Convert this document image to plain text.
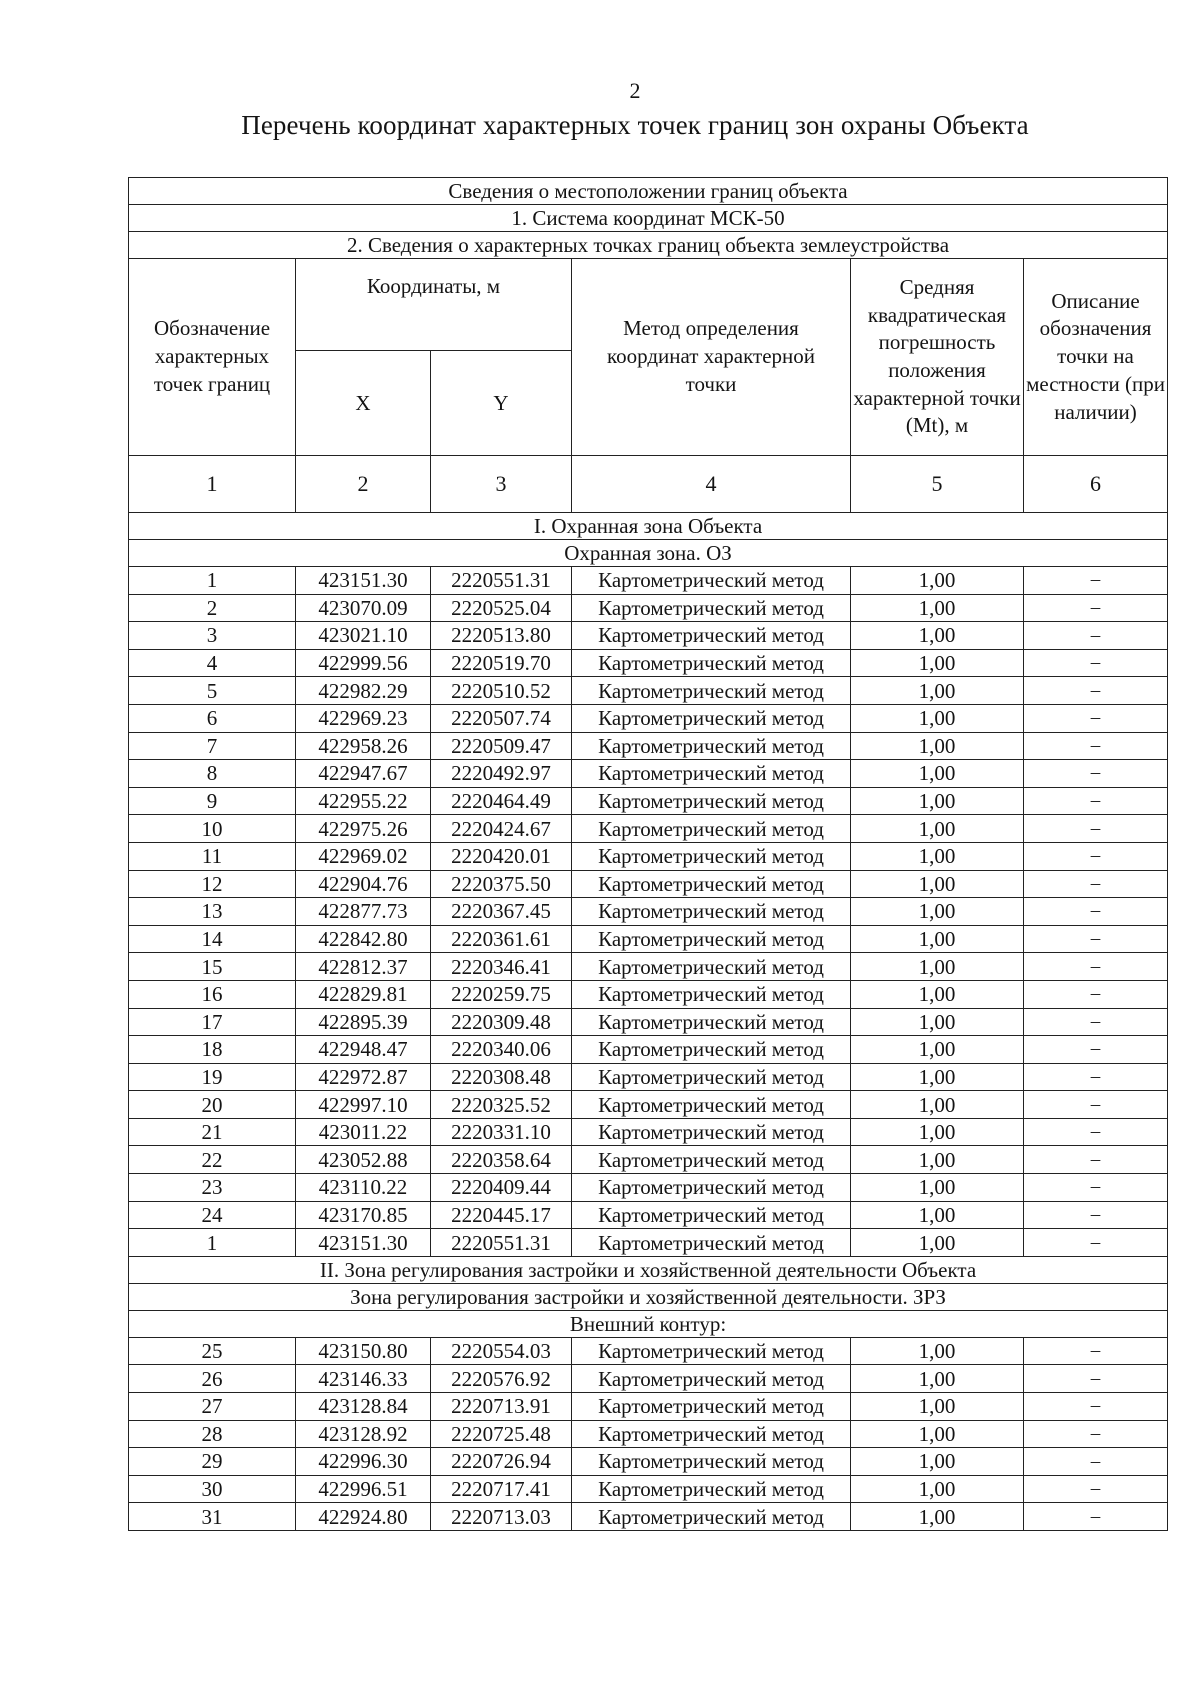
2
Перечень координат характерных точек границ зон охраны Объекта
Сведения о местоположении границ объекта					
1. Система координат МСК-50					
2. Сведения о характерных точках границ объекта землеустройства					
Обозначение характерных точек границ	Координаты, м		Метод определения координат характерной точки	Средняя квадратическая погрешность положения характерной точки (Mt), м	Описание обозначения точки на местности (при наличии)
	X	Y			
1	2	3	4	5	6
I. Охранная зона Объекта					
Охранная зона. ОЗ					
1	423151.30	2220551.31	Картометрический метод	1,00	–
2	423070.09	2220525.04	Картометрический метод	1,00	–
3	423021.10	2220513.80	Картометрический метод	1,00	–
4	422999.56	2220519.70	Картометрический метод	1,00	–
5	422982.29	2220510.52	Картометрический метод	1,00	–
6	422969.23	2220507.74	Картометрический метод	1,00	–
7	422958.26	2220509.47	Картометрический метод	1,00	–
8	422947.67	2220492.97	Картометрический метод	1,00	–
9	422955.22	2220464.49	Картометрический метод	1,00	–
10	422975.26	2220424.67	Картометрический метод	1,00	–
11	422969.02	2220420.01	Картометрический метод	1,00	–
12	422904.76	2220375.50	Картометрический метод	1,00	–
13	422877.73	2220367.45	Картометрический метод	1,00	–
14	422842.80	2220361.61	Картометрический метод	1,00	–
15	422812.37	2220346.41	Картометрический метод	1,00	–
16	422829.81	2220259.75	Картометрический метод	1,00	–
17	422895.39	2220309.48	Картометрический метод	1,00	–
18	422948.47	2220340.06	Картометрический метод	1,00	–
19	422972.87	2220308.48	Картометрический метод	1,00	–
20	422997.10	2220325.52	Картометрический метод	1,00	–
21	423011.22	2220331.10	Картометрический метод	1,00	–
22	423052.88	2220358.64	Картометрический метод	1,00	–
23	423110.22	2220409.44	Картометрический метод	1,00	–
24	423170.85	2220445.17	Картометрический метод	1,00	–
1	423151.30	2220551.31	Картометрический метод	1,00	–
II. Зона регулирования застройки и хозяйственной деятельности Объекта					
Зона регулирования застройки и хозяйственной деятельности. ЗРЗ					
Внешний контур:					
25	423150.80	2220554.03	Картометрический метод	1,00	–
26	423146.33	2220576.92	Картометрический метод	1,00	–
27	423128.84	2220713.91	Картометрический метод	1,00	–
28	423128.92	2220725.48	Картометрический метод	1,00	–
29	422996.30	2220726.94	Картометрический метод	1,00	–
30	422996.51	2220717.41	Картометрический метод	1,00	–
31	422924.80	2220713.03	Картометрический метод	1,00	–
